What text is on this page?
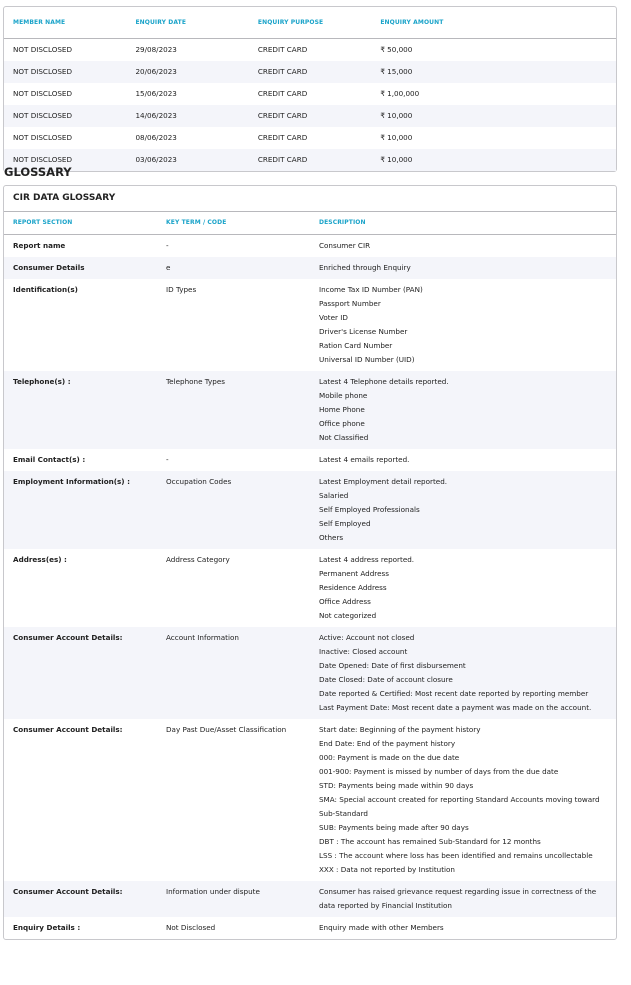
MEMBER NAME	ENQUIRY DATE	ENQUIRY PURPOSE	ENQUIRY AMOUNT
NOT DISCLOSED	29/08/2023	CREDIT CARD	₹ 50,000
NOT DISCLOSED	20/06/2023	CREDIT CARD	₹ 15,000
NOT DISCLOSED	15/06/2023	CREDIT CARD	₹ 1,00,000
NOT DISCLOSED	14/06/2023	CREDIT CARD	₹ 10,000
NOT DISCLOSED	08/06/2023	CREDIT CARD	₹ 10,000
NOT DISCLOSED	03/06/2023	CREDIT CARD	₹ 10,000
GLOSSARY
CIR DATA GLOSSARY
REPORT SECTION	KEY TERM / CODE	DESCRIPTION
Report name	-	Consumer CIR
Consumer Details	e	Enriched through Enquiry
Identification(s)	ID Types	Income Tax ID Number (PAN)
Passport Number
Voter ID
Driver's License Number
Ration Card Number
Universal ID Number (UID)
Telephone(s) :	Telephone Types	Latest 4 Telephone details reported.
Mobile phone
Home Phone
Office phone
Not Classified
Email Contact(s) :	-	Latest 4 emails reported.
Employment Information(s) :	Occupation Codes	Latest Employment detail reported.
Salaried
Self Employed Professionals
Self Employed
Others
Address(es) :	Address Category	Latest 4 address reported.
Permanent Address
Residence Address
Office Address
Not categorized
Consumer Account Details:	Account Information	Active: Account not closed
Inactive: Closed account
Date Opened: Date of first disbursement
Date Closed: Date of account closure
Date reported & Certified: Most recent date reported by reporting member
Last Payment Date: Most recent date a payment was made on the account.
Consumer Account Details:	Day Past Due/Asset Classification	Start date: Beginning of the payment history
End Date: End of the payment history
000: Payment is made on the due date
001-900: Payment is missed by number of days from the due date
STD: Payments being made within 90 days
SMA: Special account created for reporting Standard Accounts moving toward Sub-Standard
SUB: Payments being made after 90 days
DBT : The account has remained Sub-Standard for 12 months
LSS : The account where loss has been identified and remains uncollectable
XXX : Data not reported by Institution
Consumer Account Details:	Information under dispute	Consumer has raised grievance request regarding issue in correctness of the data reported by Financial Institution
Enquiry Details :	Not Disclosed	Enquiry made with other Members
